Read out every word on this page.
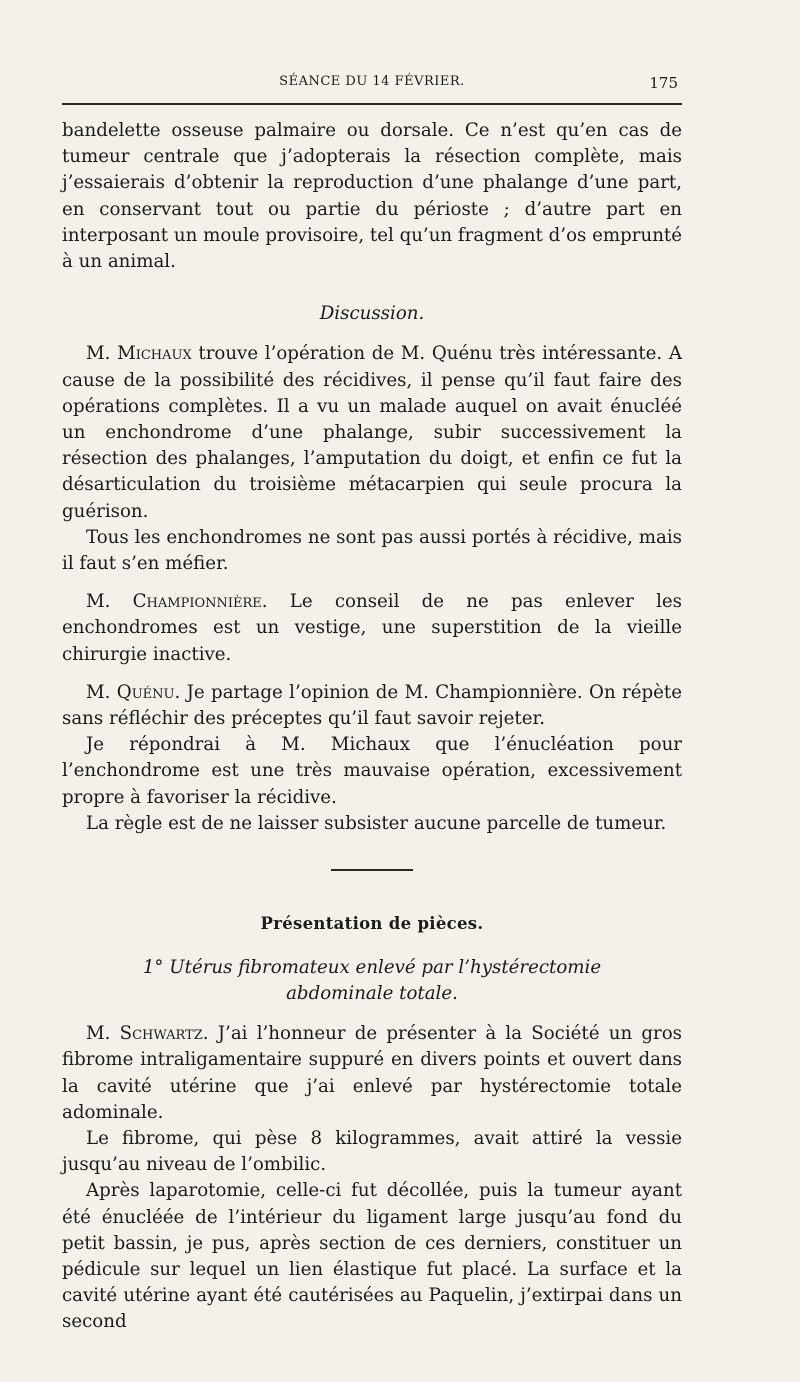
SÉANCE DU 14 FÉVRIER.	175

bandelette osseuse palmaire ou dorsale. Ce n’est qu’en cas de tumeur centrale que j’adopterais la résection complète, mais j’essaierais d’obtenir la reproduction d’une phalange d’une part, en conservant tout ou partie du périoste ; d’autre part en interposant un moule provisoire, tel qu’un fragment d’os emprunté à un animal.

Discussion.

M. Michaux trouve l’opération de M. Quénu très intéressante. A cause de la possibilité des récidives, il pense qu’il faut faire des opérations complètes. Il a vu un malade auquel on avait énucléé un enchondrome d’une phalange, subir successivement la résection des phalanges, l’amputation du doigt, et enfin ce fut la désarticulation du troisième métacarpien qui seule procura la guérison.

Tous les enchondromes ne sont pas aussi portés à récidive, mais il faut s’en méfier.

M. Championnière. Le conseil de ne pas enlever les enchondromes est un vestige, une superstition de la vieille chirurgie inactive.

M. Quénu. Je partage l’opinion de M. Championnière. On répète sans réfléchir des préceptes qu’il faut savoir rejeter.

Je répondrai à M. Michaux que l’énucléation pour l’enchondrome est une très mauvaise opération, excessivement propre à favoriser la récidive.

La règle est de ne laisser subsister aucune parcelle de tumeur.

Présentation de pièces.

1° Utérus fibromateux enlevé par l’hystérectomie
abdominale totale.

M. Schwartz. J’ai l’honneur de présenter à la Société un gros fibrome intraligamentaire suppuré en divers points et ouvert dans la cavité utérine que j’ai enlevé par hystérectomie totale adominale.

Le fibrome, qui pèse 8 kilogrammes, avait attiré la vessie jusqu’au niveau de l’ombilic.

Après laparotomie, celle-ci fut décollée, puis la tumeur ayant été énucléée de l’intérieur du ligament large jusqu’au fond du petit bassin, je pus, après section de ces derniers, constituer un pédicule sur lequel un lien élastique fut placé. La surface et la cavité utérine ayant été cautérisées au Paquelin, j’extirpai dans un second
